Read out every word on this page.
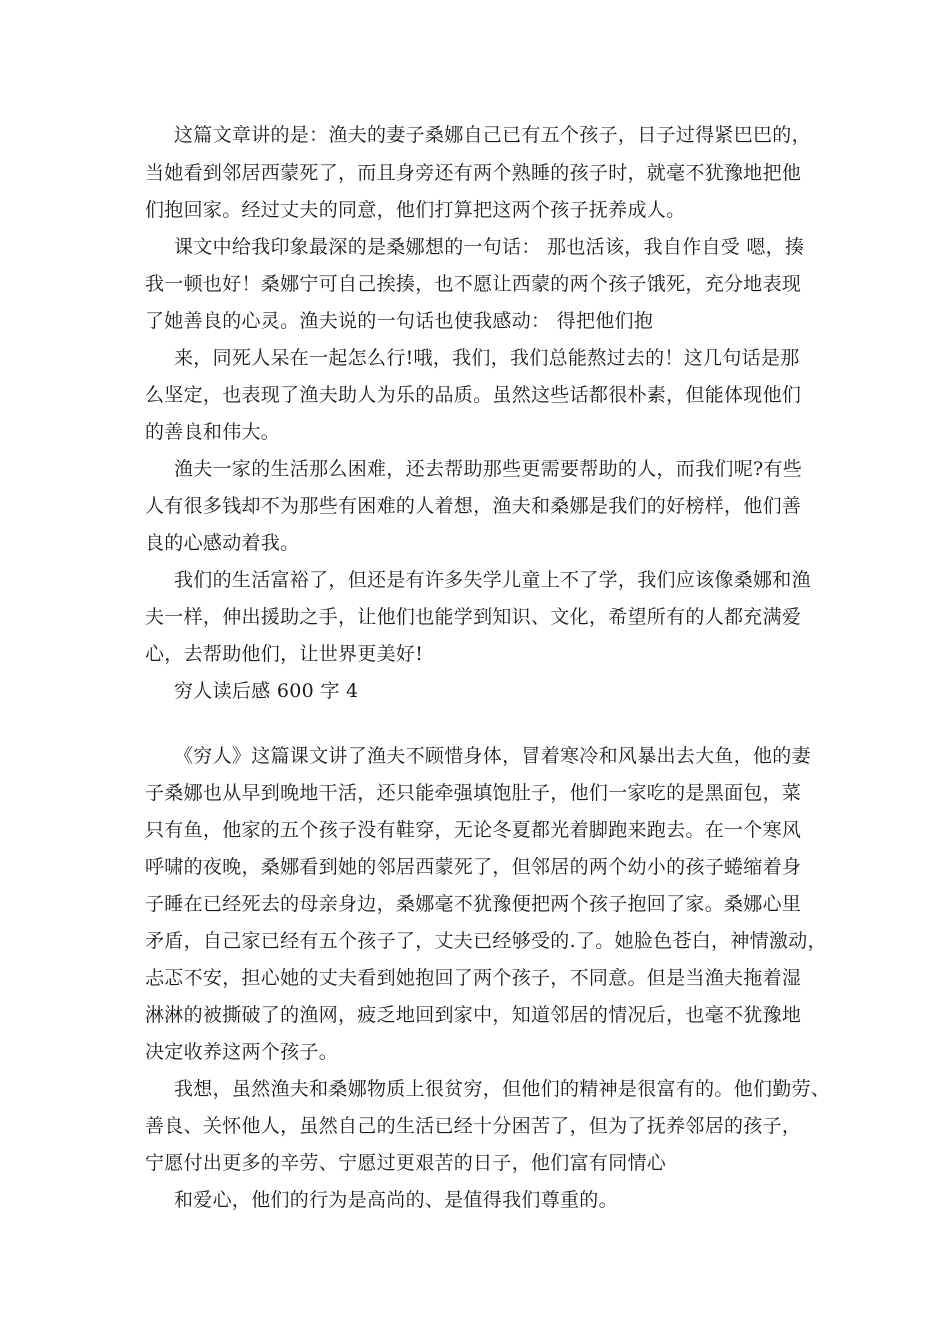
这篇文章讲的是：渔夫的妻子桑娜自己已有五个孩子，日子过得紧巴巴的，
当她看到邻居西蒙死了，而且身旁还有两个熟睡的孩子时，就毫不犹豫地把他
们抱回家。经过丈夫的同意，他们打算把这两个孩子抚养成人。
课文中给我印象最深的是桑娜想的一句话： 那也活该，我自作自受 嗯，揍
我一顿也好！桑娜宁可自己挨揍，也不愿让西蒙的两个孩子饿死，充分地表现
了她善良的心灵。渔夫说的一句话也使我感动： 得把他们抱
来，同死人呆在一起怎么行!哦，我们，我们总能熬过去的！这几句话是那
么坚定，也表现了渔夫助人为乐的品质。虽然这些话都很朴素，但能体现他们
的善良和伟大。
渔夫一家的生活那么困难，还去帮助那些更需要帮助的人，而我们呢?有些
人有很多钱却不为那些有困难的人着想，渔夫和桑娜是我们的好榜样，他们善
良的心感动着我。
我们的生活富裕了，但还是有许多失学儿童上不了学，我们应该像桑娜和渔
夫一样，伸出援助之手，让他们也能学到知识、文化，希望所有的人都充满爱
心，去帮助他们，让世界更美好!
穷人读后感 600 字 4
《穷人》这篇课文讲了渔夫不顾惜身体，冒着寒冷和风暴出去大鱼，他的妻
子桑娜也从早到晚地干活，还只能牵强填饱肚子，他们一家吃的是黑面包，菜
只有鱼，他家的五个孩子没有鞋穿，无论冬夏都光着脚跑来跑去。在一个寒风
呼啸的夜晚，桑娜看到她的邻居西蒙死了，但邻居的两个幼小的孩子蜷缩着身
子睡在已经死去的母亲身边，桑娜毫不犹豫便把两个孩子抱回了家。桑娜心里
矛盾，自己家已经有五个孩子了，丈夫已经够受的.了。她脸色苍白，神情激动，
忐忑不安，担心她的丈夫看到她抱回了两个孩子，不同意。但是当渔夫拖着湿
淋淋的被撕破了的渔网，疲乏地回到家中，知道邻居的情况后，也毫不犹豫地
决定收养这两个孩子。
我想，虽然渔夫和桑娜物质上很贫穷，但他们的精神是很富有的。他们勤劳、
善良、关怀他人，虽然自己的生活已经十分困苦了，但为了抚养邻居的孩子，
宁愿付出更多的辛劳、宁愿过更艰苦的日子，他们富有同情心
和爱心，他们的行为是高尚的、是值得我们尊重的。
